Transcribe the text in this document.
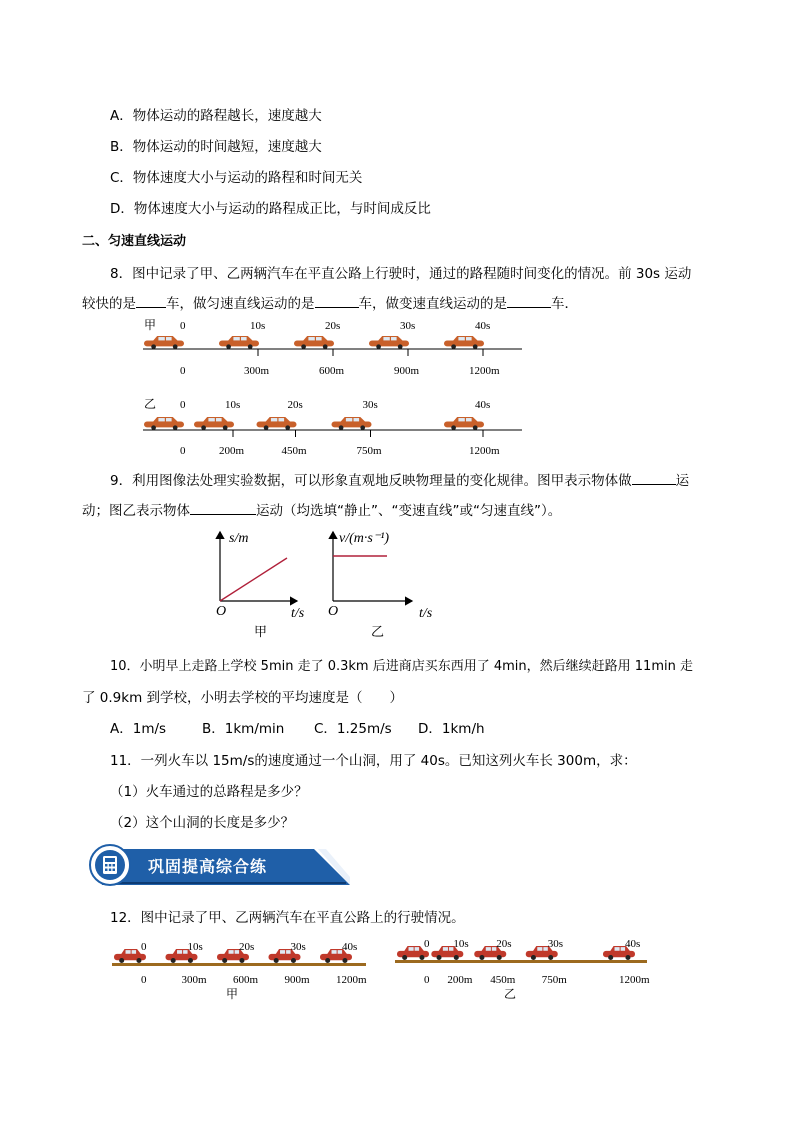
A．物体运动的路程越长，速度越大
B．物体运动的时间越短，速度越大
C．物体速度大小与运动的路程和时间无关
D．物体速度大小与运动的路程成正比，与时间成反比
二、匀速直线运动
8．图中记录了甲、乙两辆汽车在平直公路上行驶时，通过的路程随时间变化的情况。前 30s 运动
较快的是 车，做匀速直线运动的是	车，做变速直线运动的是	车．
甲 0
0
10s
300m
20s
600m
30s
900m
40s
1200m
乙 0
0
10s
200m
20s
450m
30s
750m
40s
1200m
9．利用图像法处理实验数据，可以形象直观地反映物理量的变化规律。图甲表示物体做	运
动；图乙表示物体	运动（均选填“静止”、“变速直线”或“匀速直线”）。
s/m
O	t/s
甲
v/(m·s⁻¹)
O	t/s
乙
10．小明早上走路上学校 5min 走了 0.3km 后进商店买东西用了 4min，然后继续赶路用 11min 走
了 0.9km 到学校，小明去学校的平均速度是（　　）
A．1m/s	B．1km/min C．1.25m/s D．1km/h
11．一列火车以 15m/s的速度通过一个山洞，用了 40s。已知这列火车长 300m，求：
（1）火车通过的总路程是多少？
（2）这个山洞的长度是多少？
巩固提高综合练
12．图中记录了甲、乙两辆汽车在平直公路上的行驶情况。
0
0
10s
300m
20s
600m
30s
900m
40s
1200m
甲
0
0
10s
200m
20s
450m
30s
750m
40s
1200m
乙
